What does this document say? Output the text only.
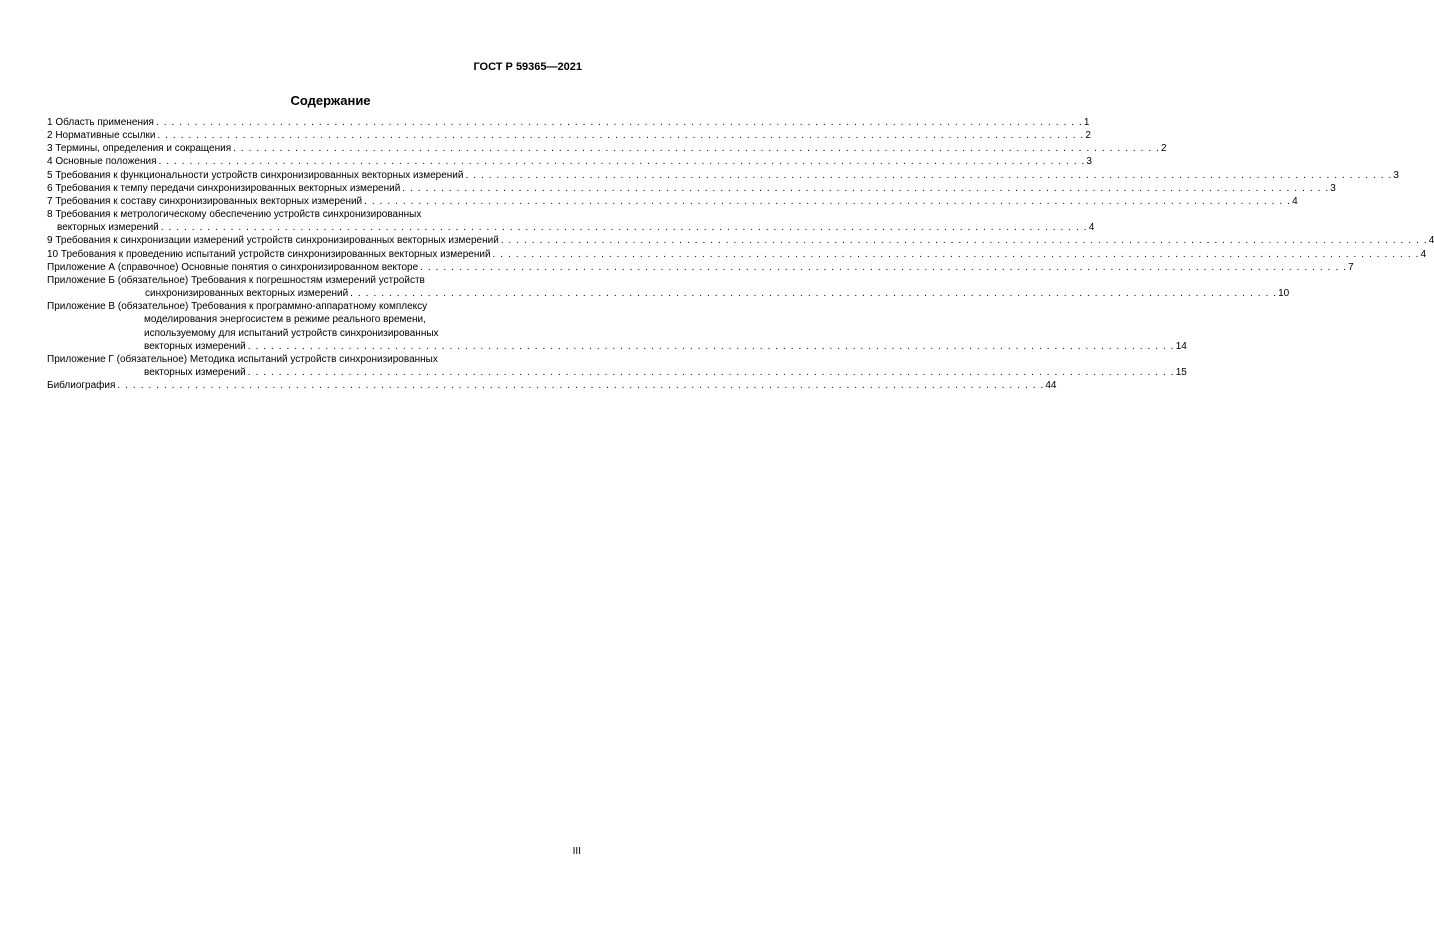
ГОСТ Р 59365—2021
Содержание
1 Область применения . . . . . . . . . . . . . . . . . . . . . . . . . . . . . . . . . . . . . . . . . . . . . . . . . . . . . . . . . . . . . . . . . . . . . . . . . . . . . . . . . . . . . . . . . . . . . . . . . . . . . . . . . . . . . . . . . . . . . . . . 1
2 Нормативные ссылки . . . . . . . . . . . . . . . . . . . . . . . . . . . . . . . . . . . . . . . . . . . . . . . . . . . . . . . . . . . . . . . . . . . . . . . . . . . . . . . . . . . . . . . . . . . . . . . . . . . . . . . . . . . . . . . . . . . . . . . . 2
3 Термины, определения и сокращения . . . . . . . . . . . . . . . . . . . . . . . . . . . . . . . . . . . . . . . . . . . . . . . . . . . . . . . . . . . . . . . . . . . . . . . . . . . . . . . . . . . . . . . . . . . . . . . . . . . . . . . . . . . . . . . . . . . . . . . . 2
4 Основные положения . . . . . . . . . . . . . . . . . . . . . . . . . . . . . . . . . . . . . . . . . . . . . . . . . . . . . . . . . . . . . . . . . . . . . . . . . . . . . . . . . . . . . . . . . . . . . . . . . . . . . . . . . . . . . . . . . . . . . . . . 3
5 Требования к функциональности устройств синхронизированных векторных измерений . . . . . . . . . . . . . . . . . . . . . . . . . . . . . . . . . . . . . . . . . . . . . . . . . . . . . . . . . . . . . . . . . . . . . . . . . . . . . . . . . . . . . . . . . . . . . . . . . . . . . . . . . . . . . . . . . . . . . . . . 3
6 Требования к темпу передачи синхронизированных векторных измерений . . . . . . . . . . . . . . . . . . . . . . . . . . . . . . . . . . . . . . . . . . . . . . . . . . . . . . . . . . . . . . . . . . . . . . . . . . . . . . . . . . . . . . . . . . . . . . . . . . . . . . . . . . . . . . . . . . . . . . . . 3
7 Требования к составу синхронизированных векторных измерений . . . . . . . . . . . . . . . . . . . . . . . . . . . . . . . . . . . . . . . . . . . . . . . . . . . . . . . . . . . . . . . . . . . . . . . . . . . . . . . . . . . . . . . . . . . . . . . . . . . . . . . . . . . . . . . . . . . . . . . . 4
8 Требования к метрологическому обеспечению устройств синхронизированных
векторных измерений . . . . . . . . . . . . . . . . . . . . . . . . . . . . . . . . . . . . . . . . . . . . . . . . . . . . . . . . . . . . . . . . . . . . . . . . . . . . . . . . . . . . . . . . . . . . . . . . . . . . . . . . . . . . . . . . . . . . . . . . 4
9 Требования к синхронизации измерений устройств синхронизированных векторных измерений . . . . . . . . . . . . . . . . . . . . . . . . . . . . . . . . . . . . . . . . . . . . . . . . . . . . . . . . . . . . . . . . . . . . . . . . . . . . . . . . . . . . . . . . . . . . . . . . . . . . . . . . . . . . . . . . . . . . . . . . 4
10 Требования к проведению испытаний устройств синхронизированных векторных измерений . . . . . . . . . . . . . . . . . . . . . . . . . . . . . . . . . . . . . . . . . . . . . . . . . . . . . . . . . . . . . . . . . . . . . . . . . . . . . . . . . . . . . . . . . . . . . . . . . . . . . . . . . . . . . . . . . . . . . . . . 4
Приложение А (справочное) Основные понятия о синхронизированном векторе . . . . . . . . . . . . . . . . . . . . . . . . . . . . . . . . . . . . . . . . . . . . . . . . . . . . . . . . . . . . . . . . . . . . . . . . . . . . . . . . . . . . . . . . . . . . . . . . . . . . . . . . . . . . . . . . . . . . . . . . 7
Приложение Б (обязательное) Требования к погрешностям измерений устройств
синхронизированных векторных измерений . . . . . . . . . . . . . . . . . . . . . . . . . . . . . . . . . . . . . . . . . . . . . . . . . . . . . . . . . . . . . . . . . . . . . . . . . . . . . . . . . . . . . . . . . . . . . . . . . . . . . . . . . . . . . . . . . . . . . . . . 10
Приложение В (обязательное) Требования к программно-аппаратному комплексу
моделирования энергосистем в режиме реального времени,
используемому для испытаний устройств синхронизированных
векторных измерений . . . . . . . . . . . . . . . . . . . . . . . . . . . . . . . . . . . . . . . . . . . . . . . . . . . . . . . . . . . . . . . . . . . . . . . . . . . . . . . . . . . . . . . . . . . . . . . . . . . . . . . . . . . . . . . . . . . . . . . . 14
Приложение Г (обязательное) Методика испытаний устройств синхронизированных
векторных измерений . . . . . . . . . . . . . . . . . . . . . . . . . . . . . . . . . . . . . . . . . . . . . . . . . . . . . . . . . . . . . . . . . . . . . . . . . . . . . . . . . . . . . . . . . . . . . . . . . . . . . . . . . . . . . . . . . . . . . . . . 15
Библиография . . . . . . . . . . . . . . . . . . . . . . . . . . . . . . . . . . . . . . . . . . . . . . . . . . . . . . . . . . . . . . . . . . . . . . . . . . . . . . . . . . . . . . . . . . . . . . . . . . . . . . . . . . . . . . . . . . . . . . . . 44
III
